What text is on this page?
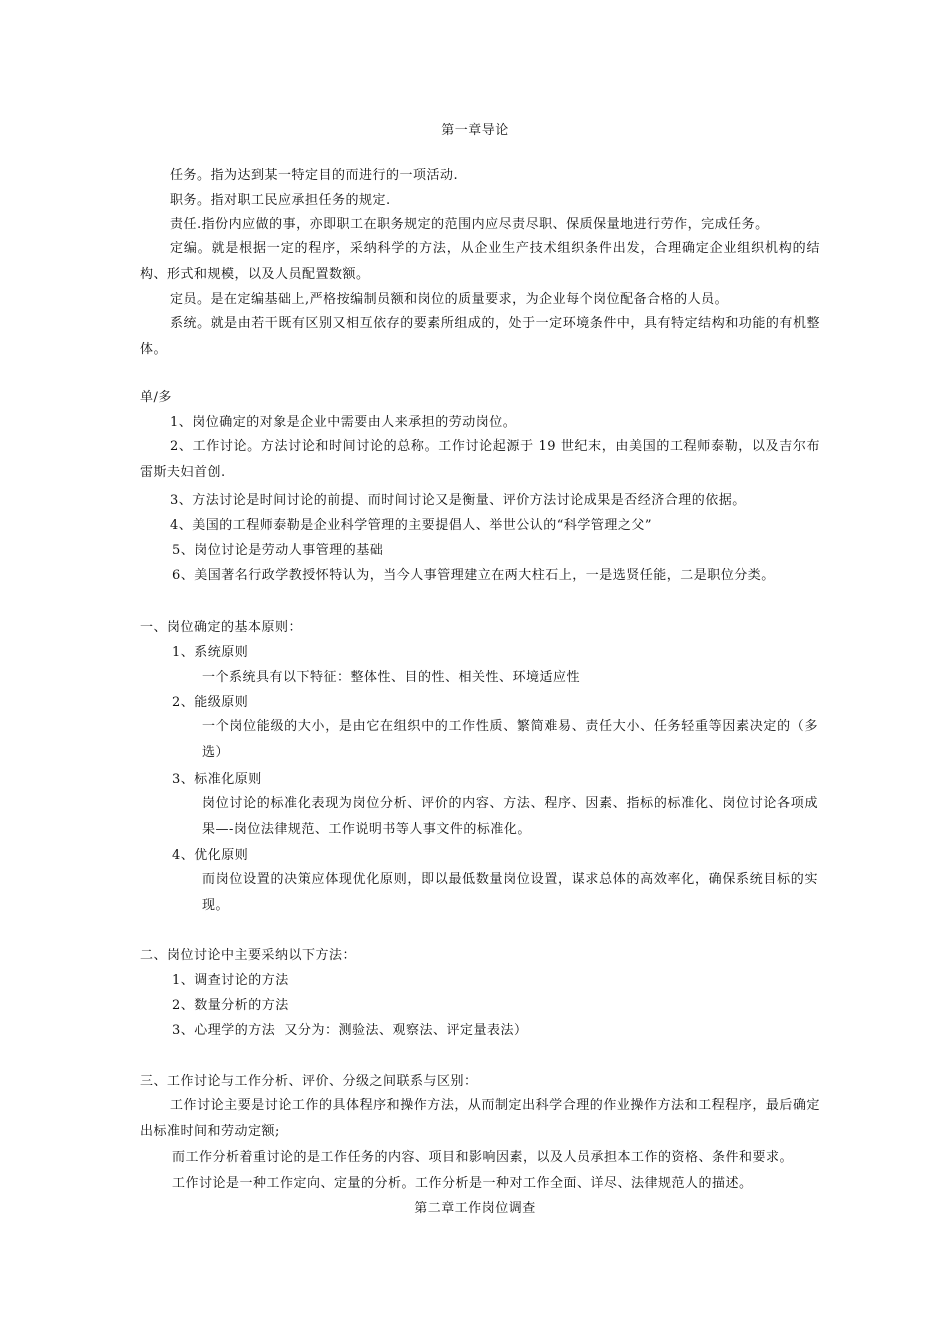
第一章导论
任务。指为达到某一特定目的而进行的一项活动.
职务。指对职工民应承担任务的规定.
责任.指份内应做的事，亦即职工在职务规定的范围内应尽责尽职、保质保量地进行劳作，完成任务。
定编。就是根据一定的程序，采纳科学的方法，从企业生产技术组织条件出发，合理确定企业组织机构的结构、形式和规模，以及人员配置数额。
定员。是在定编基础上,严格按编制员额和岗位的质量要求，为企业每个岗位配备合格的人员。
系统。就是由若干既有区别又相互依存的要素所组成的，处于一定环境条件中，具有特定结构和功能的有机整体。
单/多
1、岗位确定的对象是企业中需要由人来承担的劳动岗位。
2、工作讨论。方法讨论和时间讨论的总称。工作讨论起源于 19 世纪末，由美国的工程师泰勒，以及吉尔布雷斯夫妇首创.
3、方法讨论是时间讨论的前提、而时间讨论又是衡量、评价方法讨论成果是否经济合理的依据。
4、美国的工程师泰勒是企业科学管理的主要提倡人、举世公认的“科学管理之父”
5、岗位讨论是劳动人事管理的基础
6、美国著名行政学教授怀特认为，当今人事管理建立在两大柱石上，一是选贤任能，二是职位分类。
一、岗位确定的基本原则：
1、系统原则
一个系统具有以下特征：整体性、目的性、相关性、环境适应性
2、能级原则
一个岗位能级的大小，是由它在组织中的工作性质、繁简难易、责任大小、任务轻重等因素决定的（多选）
3、标准化原则
岗位讨论的标准化表现为岗位分析、评价的内容、方法、程序、因素、指标的标准化、岗位讨论各项成果—-岗位法律规范、工作说明书等人事文件的标准化。
4、优化原则
而岗位设置的决策应体现优化原则，即以最低数量岗位设置，谋求总体的高效率化，确保系统目标的实现。
二、岗位讨论中主要采纳以下方法：
1、调查讨论的方法
2、数量分析的方法
3、心理学的方法  又分为：测验法、观察法、评定量表法）
三、工作讨论与工作分析、评价、分级之间联系与区别：
工作讨论主要是讨论工作的具体程序和操作方法，从而制定出科学合理的作业操作方法和工程程序，最后确定出标准时间和劳动定额;
而工作分析着重讨论的是工作任务的内容、项目和影响因素，以及人员承担本工作的资格、条件和要求。
工作讨论是一种工作定向、定量的分析。工作分析是一种对工作全面、详尽、法律规范人的描述。
第二章工作岗位调查
